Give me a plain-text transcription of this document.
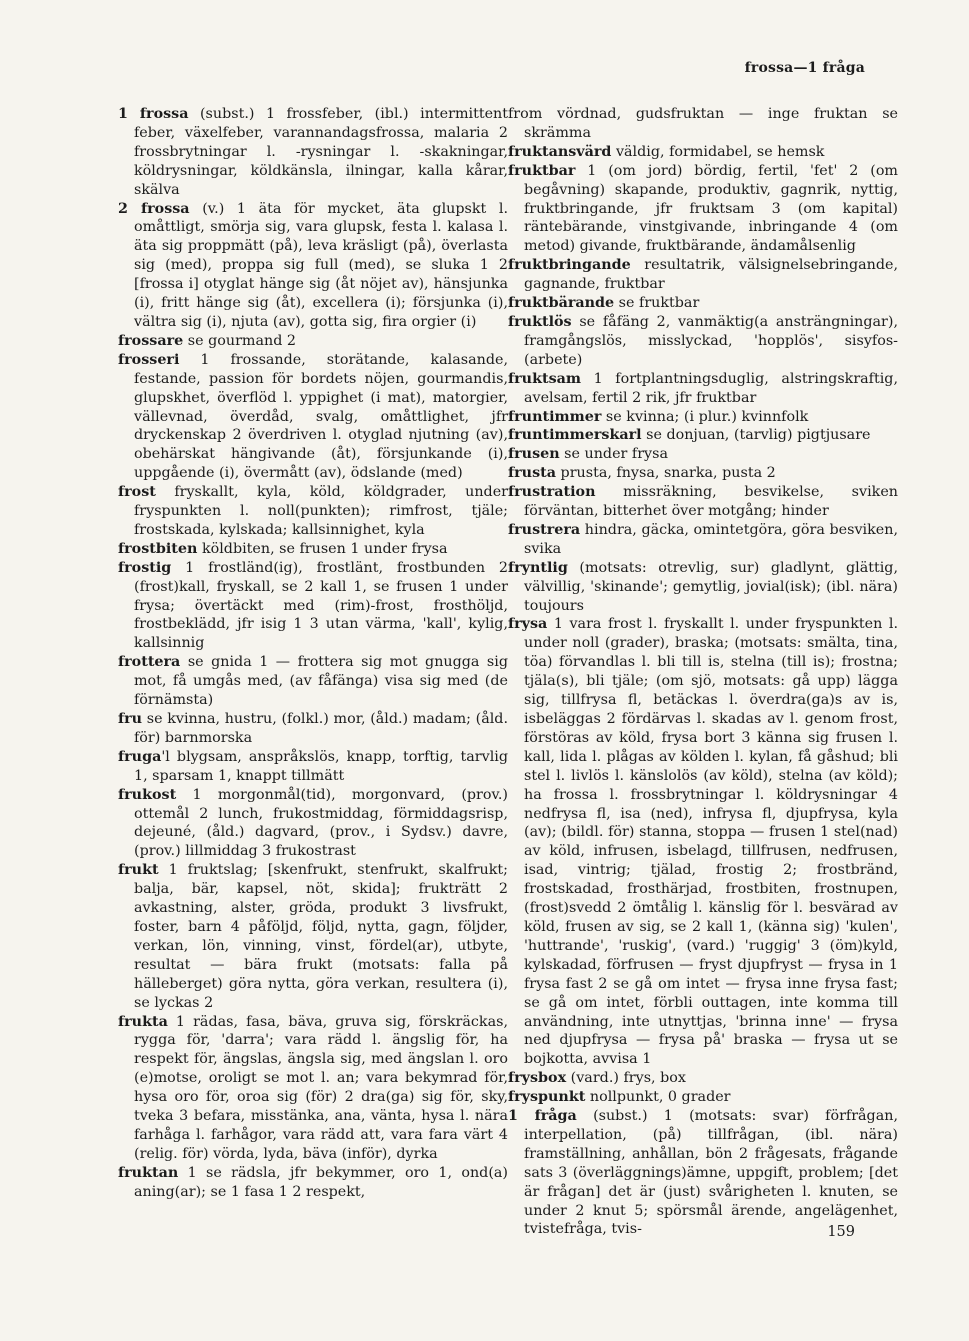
frossa—1 fråga

1 frossa (subst.) 1 frossfeber, (ibl.) intermittent feber, växelfeber, varannandagsfrossa, malaria 2 frossbrytningar l. -rysningar l. -skakningar, köldrysningar, köldkänsla, ilningar, kalla kårar, skälva

2 frossa (v.) 1 äta för mycket, äta glupskt l. omåttligt, smörja sig, vara glupsk, festa l. kalasa l. äta sig proppmätt (på), leva kräsligt (på), överlasta sig (med), proppa sig full (med), se sluka 1 2 [frossa i] otyglat hänge sig (åt nöjet av), hänsjunka (i), fritt hänge sig (åt), excellera (i); försjunka (i), vältra sig (i), njuta (av), gotta sig, fira orgier (i)

frossare se gourmand 2

frosseri 1 frossande, storätande, kalasande, festande, passion för bordets nöjen, gourmandis, glupskhet, överflöd l. yppighet (i mat), matorgier, vällevnad, överdåd, svalg, omåttlighet, jfr dryckenskap 2 överdriven l. otyglad njutning (av), obehärskat hängivande (åt), försjunkande (i), uppgående (i), övermått (av), ödslande (med)

frost fryskallt, kyla, köld, köldgrader, under fryspunkten l. noll(punkten); rimfrost, tjäle; frostskada, kylskada; kallsinnighet, kyla

frostbiten köldbiten, se frusen 1 under frysa

frostig 1 frostländ(ig), frostlänt, frostbunden 2 (frost)kall, fryskall, se 2 kall 1, se frusen 1 under frysa; övertäckt med (rim)-frost, frosthöljd, frostbeklädd, jfr isig 1 3 utan värma, 'kall', kylig, kallsinnig

frottera se gnida 1 — frottera sig mot gnugga sig mot, få umgås med, (av fåfänga) visa sig med (de förnämsta)

fru se kvinna, hustru, (folkl.) mor, (åld.) madam; (åld. för) barnmorska

fruga'l blygsam, anspråkslös, knapp, torftig, tarvlig 1, sparsam 1, knappt tillmätt

frukost 1 morgonmål(tid), morgonvard, (prov.) ottemål 2 lunch, frukostmiddag, förmiddagsrisp, dejeuné, (åld.) dagvard, (prov., i Sydsv.) davre, (prov.) lillmiddag 3 frukostrast

frukt 1 fruktslag; [skenfrukt, stenfrukt, skalfrukt; balja, bär, kapsel, nöt, skida]; frukträtt 2 avkastning, alster, gröda, produkt 3 livsfrukt, foster, barn 4 påföljd, följd, nytta, gagn, följder, verkan, lön, vinning, vinst, fördel(ar), utbyte, resultat — bära frukt (motsats: falla på hälleberget) göra nytta, göra verkan, resultera (i), se lyckas 2

frukta 1 rädas, fasa, bäva, gruva sig, förskräckas, rygga för, 'darra'; vara rädd l. ängslig för, ha respekt för, ängslas, ängsla sig, med ängslan l. oro (e)motse, oroligt se mot l. an; vara bekymrad för, hysa oro för, oroa sig (för) 2 dra(ga) sig för, sky, tveka 3 befara, misstänka, ana, vänta, hysa l. nära farhåga l. farhågor, vara rädd att, vara fara värt 4 (relig. för) vörda, lyda, bäva (inför), dyrka

fruktan 1 se rädsla, jfr bekymmer, oro 1, ond(a) aning(ar); se 1 fasa 1 2 respekt,

from vördnad, gudsfruktan — inge fruktan se skrämma

fruktansvärd väldig, formidabel, se hemsk

fruktbar 1 (om jord) bördig, fertil, 'fet' 2 (om begåvning) skapande, produktiv, gagnrik, nyttig, fruktbringande, jfr fruktsam 3 (om kapital) räntebärande, vinstgivande, inbringande 4 (om metod) givande, fruktbärande, ändamålsenlig

fruktbringande resultatrik, välsignelsebringande, gagnande, fruktbar

fruktbärande se fruktbar

fruktlös se fåfäng 2, vanmäktig(a ansträngningar), framgångslös, misslyckad, 'hopplös', sisyfos- (arbete)

fruktsam 1 fortplantningsduglig, alstringskraftig, avelsam, fertil 2 rik, jfr fruktbar

fruntimmer se kvinna; (i plur.) kvinnfolk

fruntimmerskarl se donjuan, (tarvlig) pigtjusare

frusen se under frysa

frusta prusta, fnysa, snarka, pusta 2

frustration missräkning, besvikelse, sviken förväntan, bitterhet över motgång; hinder

frustrera hindra, gäcka, omintetgöra, göra besviken, svika

fryntlig (motsats: otrevlig, sur) gladlynt, glättig, välvillig, 'skinande'; gemytlig, jovial(isk); (ibl. nära) toujours

frysa 1 vara frost l. fryskallt l. under fryspunkten l. under noll (grader), braska; (motsats: smälta, tina, töa) förvandlas l. bli till is, stelna (till is); frostna; tjäla(s), bli tjäle; (om sjö, motsats: gå upp) lägga sig, tillfrysa ﬂ, betäckas l. överdra(ga)s av is, isbeläggas 2 fördärvas l. skadas av l. genom frost, förstöras av köld, frysa bort 3 känna sig frusen l. kall, lida l. plågas av kölden l. kylan, få gåshud; bli stel l. livlös l. känslolös (av köld), stelna (av köld); ha frossa l. frossbrytningar l. köldrysningar 4 nedfrysa ﬂ, isa (ned), infrysa ﬂ, djupfrysa, kyla (av); (bildl. för) stanna, stoppa — frusen 1 stel(nad) av köld, infrusen, isbelagd, tillfrusen, nedfrusen, isad, vintrig; tjälad, frostig 2; frostbränd, frostskadad, frosthärjad, frostbiten, frostnupen, (frost)svedd 2 ömtålig l. känslig för l. besvärad av köld, frusen av sig, se 2 kall 1, (känna sig) 'kulen', 'huttrande', 'ruskig', (vard.) 'ruggig' 3 (öm)kyld, kylskadad, förfrusen — fryst djupfryst — frysa in 1 frysa fast 2 se gå om intet — frysa inne frysa fast; se gå om intet, förbli outtagen, inte komma till användning, inte utnyttjas, 'brinna inne' — frysa ned djupfrysa — frysa på' braska — frysa ut se bojkotta, avvisa 1

frysbox (vard.) frys, box

fryspunkt nollpunkt, 0 grader

1 fråga (subst.) 1 (motsats: svar) förfrågan, interpellation, (på) tillfrågan, (ibl. nära) framställning, anhållan, bön 2 frågesats, frågande sats 3 (överläggnings)ämne, uppgift, problem; [det är frågan] det är (just) svårigheten l. knuten, se under 2 knut 5; spörsmål ärende, angelägenhet, tvistefråga, tvis-	159
